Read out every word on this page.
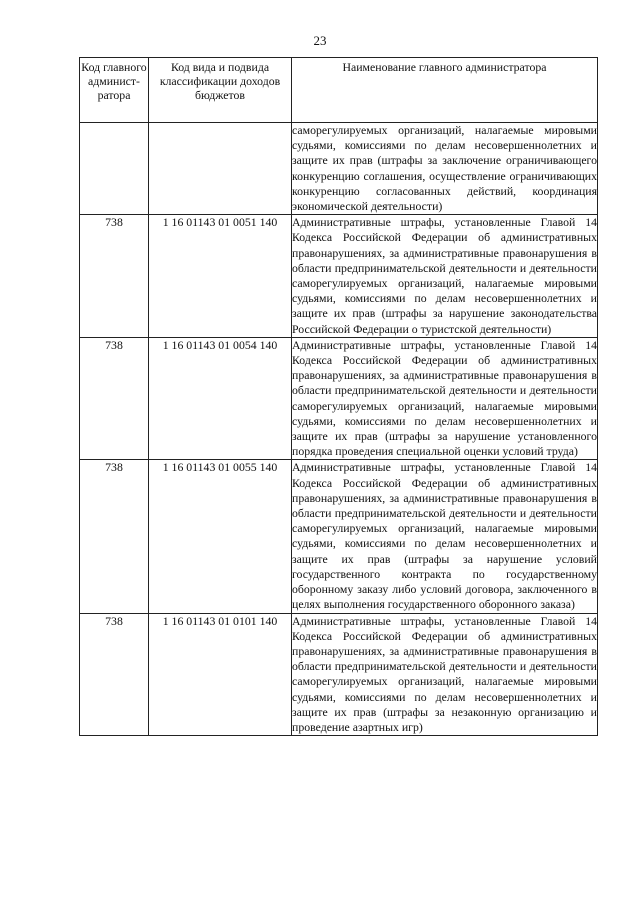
23
Код главного админист-ратора	Код вида и подвида классификации доходов бюджетов	Наименование главного администратора
		саморегулируемых организаций, налагаемые мировыми судьями, комиссиями по делам несовершеннолетних и защите их прав (штрафы за заключение ограничивающего конкуренцию соглашения, осуществление ограничивающих конкуренцию согласованных действий, координация экономической деятельности)
738	1 16 01143 01 0051 140	Административные штрафы, установленные Главой 14 Кодекса Российской Федерации об административных правонарушениях, за административные правонарушения в области предпринимательской деятельности и деятельности саморегулируемых организаций, налагаемые мировыми судьями, комиссиями по делам несовершеннолетних и защите их прав (штрафы за нарушение законодательства Российской Федерации о туристской деятельности)
738	1 16 01143 01 0054 140	Административные штрафы, установленные Главой 14 Кодекса Российской Федерации об административных правонарушениях, за административные правонарушения в области предпринимательской деятельности и деятельности саморегулируемых организаций, налагаемые мировыми судьями, комиссиями по делам несовершеннолетних и защите их прав (штрафы за нарушение установленного порядка проведения специальной оценки условий труда)
738	1 16 01143 01 0055 140	Административные штрафы, установленные Главой 14 Кодекса Российской Федерации об административных правонарушениях, за административные правонарушения в области предпринимательской деятельности и деятельности саморегулируемых организаций, налагаемые мировыми судьями, комиссиями по делам несовершеннолетних и защите их прав (штрафы за нарушение условий государственного контракта по государственному оборонному заказу либо условий договора, заключенного в целях выполнения государственного оборонного заказа)
738	1 16 01143 01 0101 140	Административные штрафы, установленные Главой 14 Кодекса Российской Федерации об административных правонарушениях, за административные правонарушения в области предпринимательской деятельности и деятельности саморегулируемых организаций, налагаемые мировыми судьями, комиссиями по делам несовершеннолетних и защите их прав (штрафы за незаконную организацию и проведение азартных игр)
